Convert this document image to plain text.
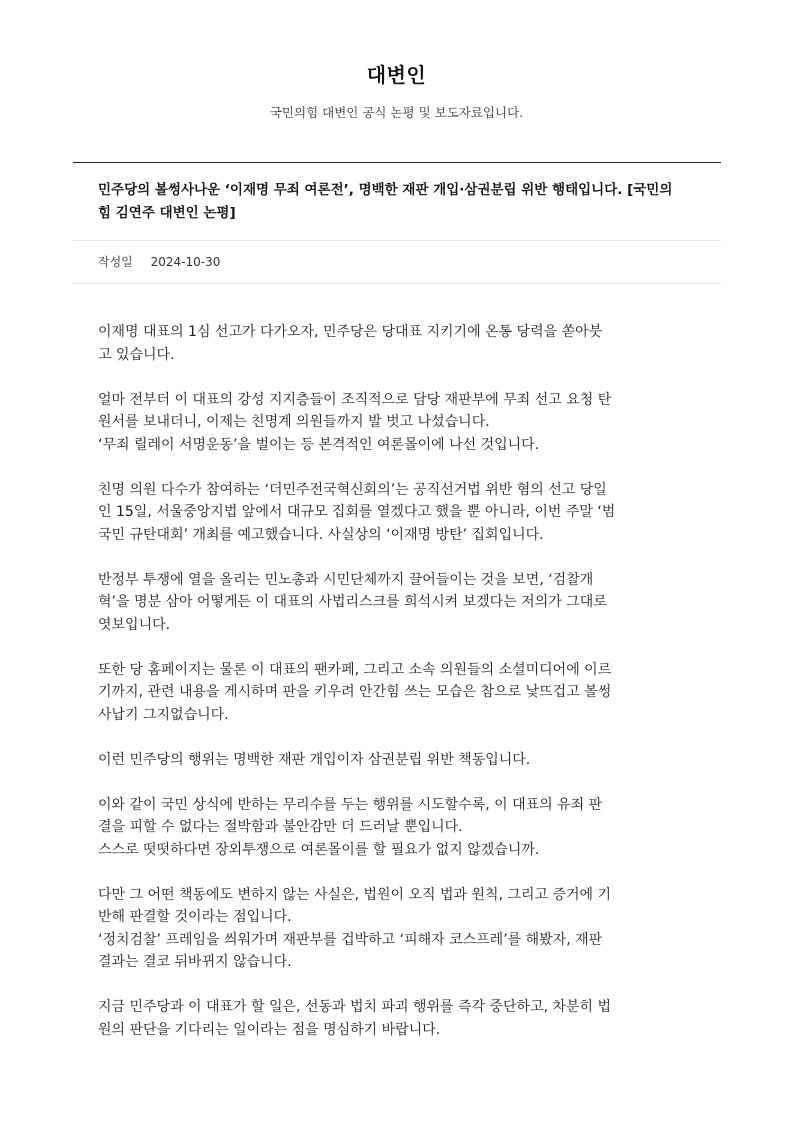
대변인
국민의힘 대변인 공식 논평 및 보도자료입니다.
민주당의 볼썽사나운 ‘이재명 무죄 여론전’, 명백한 재판 개입·삼권분립 위반 행태입니다. [국민의
힘 김연주 대변인 논평]
작성일 2024-10-30
이재명 대표의 1심 선고가 다가오자, 민주당은 당대표 지키기에 온통 당력을 쏟아붓
고 있습니다.
얼마 전부터 이 대표의 강성 지지층들이 조직적으로 담당 재판부에 무죄 선고 요청 탄
원서를 보내더니, 이제는 친명계 의원들까지 발 벗고 나섰습니다.
‘무죄 릴레이 서명운동’을 벌이는 등 본격적인 여론몰이에 나선 것입니다.
친명 의원 다수가 참여하는 ‘더민주전국혁신회의’는 공직선거법 위반 혐의 선고 당일
인 15일, 서울중앙지법 앞에서 대규모 집회를 열겠다고 했을 뿐 아니라, 이번 주말 ‘범
국민 규탄대회’ 개최를 예고했습니다. 사실상의 ‘이재명 방탄’ 집회입니다.
반정부 투쟁에 열을 올리는 민노총과 시민단체까지 끌어들이는 것을 보면, ‘검찰개
혁’을 명분 삼아 어떻게든 이 대표의 사법리스크를 희석시켜 보겠다는 저의가 그대로
엿보입니다.
또한 당 홈페이지는 물론 이 대표의 팬카페, 그리고 소속 의원들의 소셜미디어에 이르
기까지, 관련 내용을 게시하며 판을 키우려 안간힘 쓰는 모습은 참으로 낯뜨겁고 볼썽
사납기 그지없습니다.
이런 민주당의 행위는 명백한 재판 개입이자 삼권분립 위반 책동입니다.
이와 같이 국민 상식에 반하는 무리수를 두는 행위를 시도할수록, 이 대표의 유죄 판
결을 피할 수 없다는 절박함과 불안감만 더 드러날 뿐입니다.
스스로 떳떳하다면 장외투쟁으로 여론몰이를 할 필요가 없지 않겠습니까.
다만 그 어떤 책동에도 변하지 않는 사실은, 법원이 오직 법과 원칙, 그리고 증거에 기
반해 판결할 것이라는 점입니다.
‘정치검찰’ 프레임을 씌워가며 재판부를 겁박하고 ‘피해자 코스프레’를 해봤자, 재판
결과는 결코 뒤바뀌지 않습니다.
지금 민주당과 이 대표가 할 일은, 선동과 법치 파괴 행위를 즉각 중단하고, 차분히 법
원의 판단을 기다리는 일이라는 점을 명심하기 바랍니다.
